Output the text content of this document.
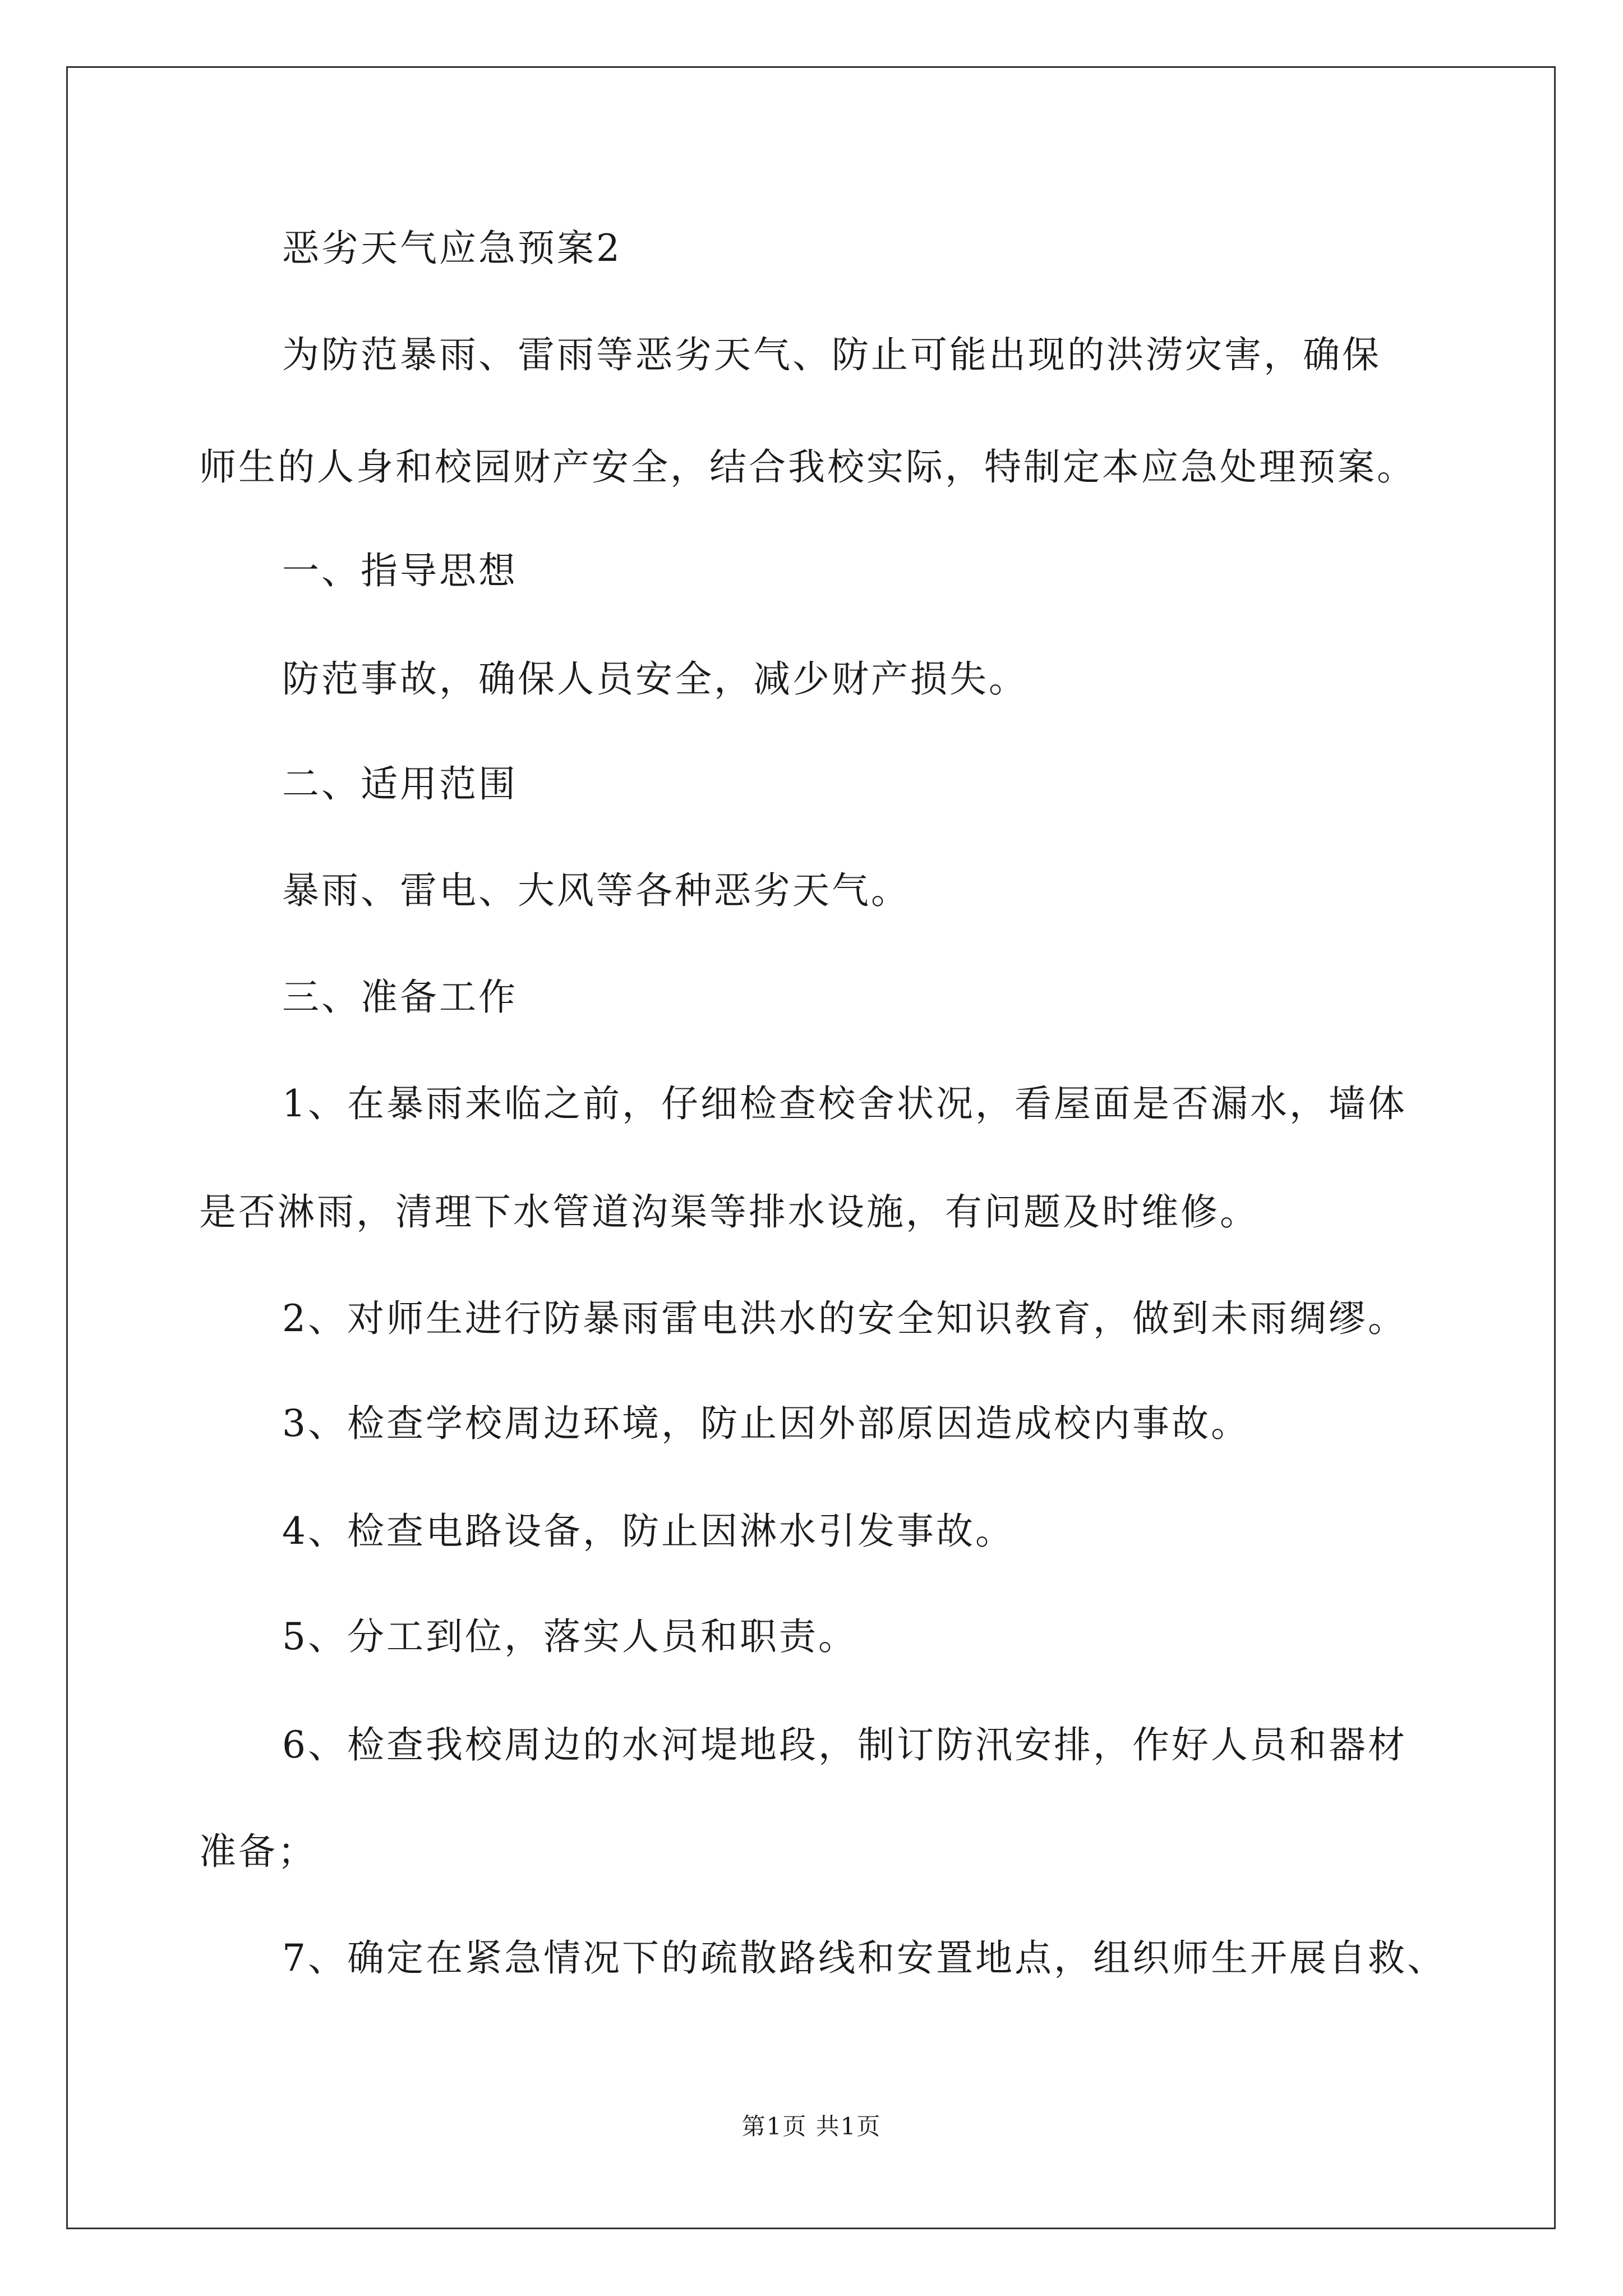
恶劣天气应急预案2
为防范暴雨、雷雨等恶劣天气、防止可能出现的洪涝灾害，确保
师生的人身和校园财产安全，结合我校实际，特制定本应急处理预案。
一、指导思想
防范事故，确保人员安全，减少财产损失。
二、适用范围
暴雨、雷电、大风等各种恶劣天气。
三、准备工作
1、在暴雨来临之前，仔细检查校舍状况，看屋面是否漏水，墙体
是否淋雨，清理下水管道沟渠等排水设施，有问题及时维修。
2、对师生进行防暴雨雷电洪水的安全知识教育，做到未雨绸缪。
3、检查学校周边环境，防止因外部原因造成校内事故。
4、检查电路设备，防止因淋水引发事故。
5、分工到位，落实人员和职责。
6、检查我校周边的水河堤地段，制订防汛安排，作好人员和器材
准备；
7、确定在紧急情况下的疏散路线和安置地点，组织师生开展自救、
第1页 共1页
